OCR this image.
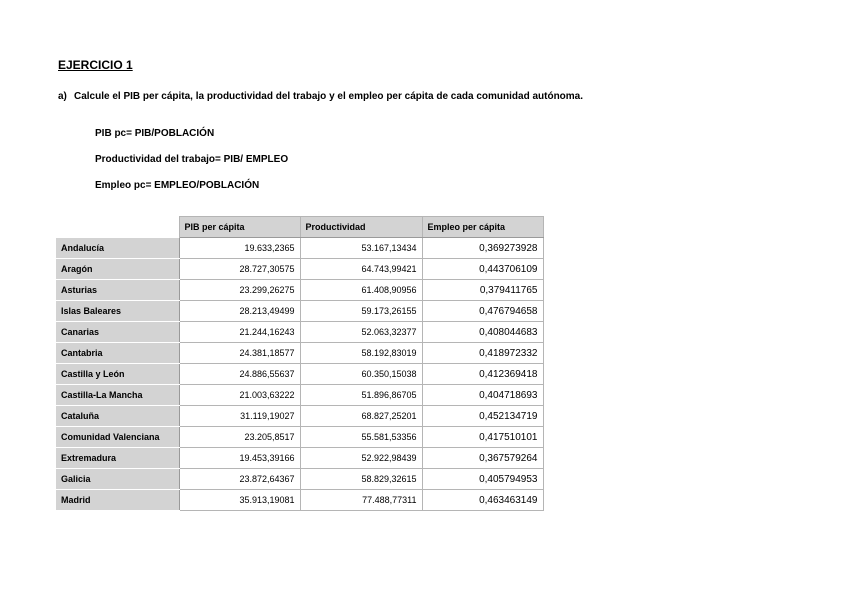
EJERCICIO 1
a) Calcule el PIB per cápita, la productividad del trabajo y el empleo per cápita de cada comunidad autónoma.
PIB pc= PIB/POBLACIÓN
Productividad del trabajo= PIB/ EMPLEO
Empleo pc= EMPLEO/POBLACIÓN
	PIB per cápita	Productividad	Empleo per cápita
Andalucía	19.633,2365	53.167,13434	0,369273928
Aragón	28.727,30575	64.743,99421	0,443706109
Asturias	23.299,26275	61.408,90956	0,379411765
Islas Baleares	28.213,49499	59.173,26155	0,476794658
Canarias	21.244,16243	52.063,32377	0,408044683
Cantabria	24.381,18577	58.192,83019	0,418972332
Castilla y León	24.886,55637	60.350,15038	0,412369418
Castilla-La Mancha	21.003,63222	51.896,86705	0,404718693
Cataluña	31.119,19027	68.827,25201	0,452134719
Comunidad Valenciana	23.205,8517	55.581,53356	0,417510101
Extremadura	19.453,39166	52.922,98439	0,367579264
Galicia	23.872,64367	58.829,32615	0,405794953
Madrid	35.913,19081	77.488,77311	0,463463149
